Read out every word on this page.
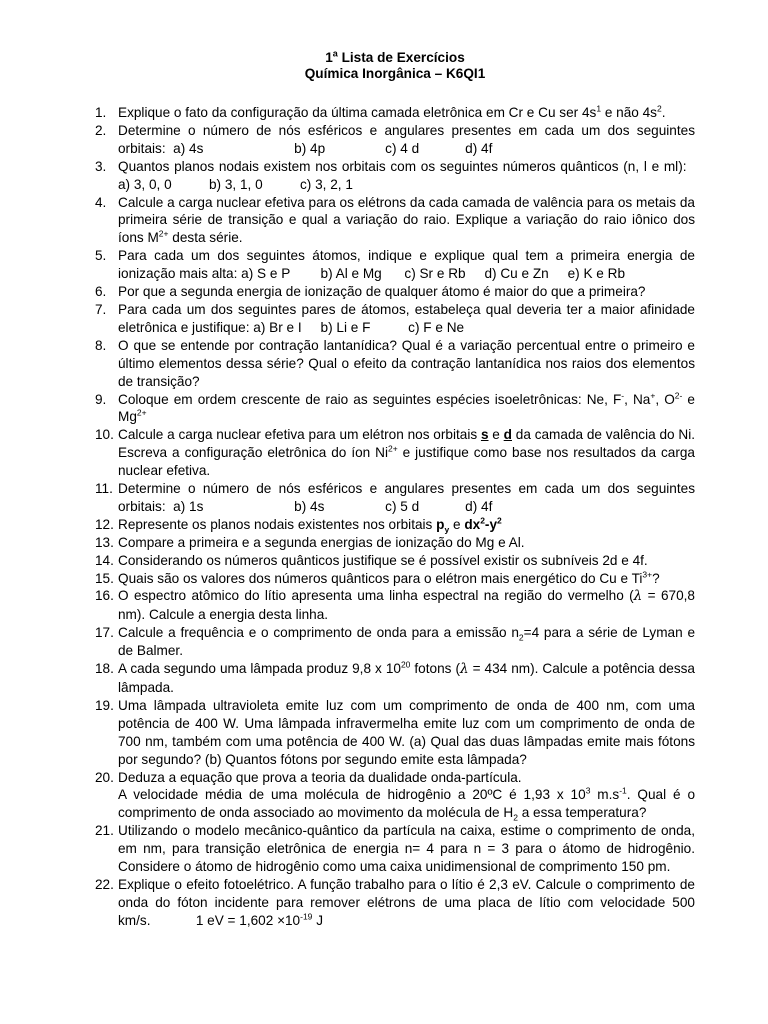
1$^a$ Lista de Exercícios
Química Inorgânica – K6QI1
1. Explique o fato da configuração da última camada eletrônica em Cr e Cu ser $4s^1$ e não $4s^2$.
2. Determine o número de nós esféricos e angulares presentes em cada um dos seguintes orbitais: a) 4s	b) 4p	c) 4 d	d) 4f
3. Quantos planos nodais existem nos orbitais com os seguintes números quânticos (n, l e ml):  a) 3, 0, 0	b) 3, 1, 0	c) 3, 2, 1
4. Calcule a carga nuclear efetiva para os elétrons da cada camada de valência para os metais da primeira série de transição e qual a variação do raio. Explique a variação do raio iônico dos íons $M^{2+}$ desta série.
5. Para cada um dos seguintes átomos, indique e explique qual tem a primeira energia de ionização mais alta: a) S e P b) Al e Mg c) Sr e Rb d) Cu e Zn e) K e Rb
6. Por que a segunda energia de ionização de qualquer átomo é maior do que a primeira?
7. Para cada um dos seguintes pares de átomos, estabeleça qual deveria ter a maior afinidade eletrônica e justifique: a) Br e I b) Li e F	c) F e Ne
8. O que se entende por contração lantanídica? Qual é a variação percentual entre o primeiro e último elementos dessa série? Qual o efeito da contração lantanídica nos raios dos elementos de transição?
9. Coloque em ordem crescente de raio as seguintes espécies isoeletrônicas: Ne, F-, Na+, $O^{2-}$ e $Mg^{2+}$
10. Calcule a carga nuclear efetiva para um elétron nos orbitais s e d da camada de valência do Ni. Escreva a configuração eletrônica do íon $Ni^{2+}$ e justifique como base nos resultados da carga nuclear efetiva.
11. Determine o número de nós esféricos e angulares presentes em cada um dos seguintes orbitais: a) 1s	b) 4s	c) 5 d	d) 4f
12. Represente os planos nodais existentes nos orbitais $p_y$ e $dx^2-y^2$
13. Compare a primeira e a segunda energias de ionização do Mg e Al.
14. Considerando os números quânticos justifique se é possível existir os subníveis 2d e 4f.
15. Quais são os valores dos números quânticos para o elétron mais energético do Cu e $Ti^{3+}$?
16. O espectro atômico do lítio apresenta uma linha espectral na região do vermelho (λ = 670,8 nm). Calcule a energia desta linha.
17. Calcule a frequência e o comprimento de onda para a emissão $n_2=4$ para a série de Lyman e de Balmer.
18. A cada segundo uma lâmpada produz 9,8 x $10^{20}$ fotons (λ = 434 nm). Calcule a potência dessa lâmpada.
19. Uma lâmpada ultravioleta emite luz com um comprimento de onda de 400 nm, com uma potência de 400 W. Uma lâmpada infravermelha emite luz com um comprimento de onda de 700 nm, também com uma potência de 400 W. (a) Qual das duas lâmpadas emite mais fótons por segundo? (b) Quantos fótons por segundo emite esta lâmpada?
20. Deduza a equação que prova a teoria da dualidade onda-partícula.
A velocidade média de uma molécula de hidrogênio a 20ºC é 1,93 x $10^3$ $m.s^{-1}$. Qual é o comprimento de onda associado ao movimento da molécula de $H_2$ a essa temperatura?
21. Utilizando o modelo mecânico-quântico da partícula na caixa, estime o comprimento de onda, em nm, para transição eletrônica de energia n= 4 para n = 3 para o átomo de hidrogênio. Considere o átomo de hidrogênio como uma caixa unidimensional de comprimento 150 pm.
22. Explique o efeito fotoelétrico. A função trabalho para o lítio é 2,3 eV. Calcule o comprimento de onda do fóton incidente para remover elétrons de uma placa de lítio com velocidade 500 km/s.	1 eV = $1,602 \times 10^{-19}$ J
